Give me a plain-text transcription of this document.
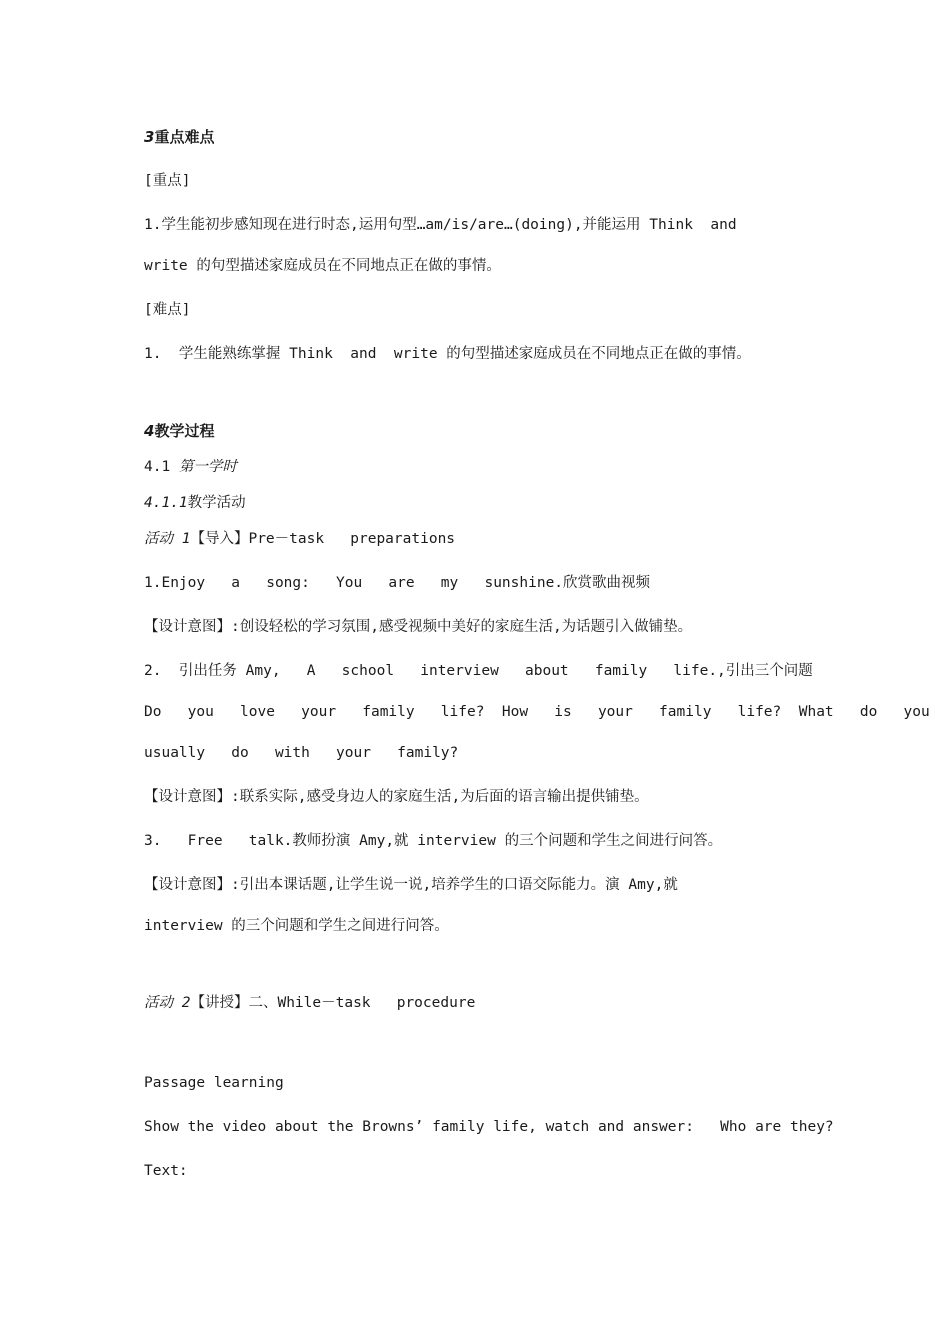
3重点难点
[重点]
1.学生能初步感知现在进行时态,运用句型…am/is/are…(doing),并能运用 Think  and
write 的句型描述家庭成员在不同地点正在做的事情。
[难点]
1.  学生能熟练掌握 Think  and  write 的句型描述家庭成员在不同地点正在做的事情。
4教学过程
4.1 第一学时
4.1.1教学活动
活动 1【导入】Pre－task   preparations
1.Enjoy   a   song:   You   are   my   sunshine.欣赏歌曲视频
【设计意图】:创设轻松的学习氛围,感受视频中美好的家庭生活,为话题引入做铺垫。
2.  引出任务 Amy,   A   school   interview   about   family   life.,引出三个问题
Do   you   love   your   family   life?  How   is   your   family   life?  What   do   you
usually   do   with   your   family?
【设计意图】:联系实际,感受身边人的家庭生活,为后面的语言输出提供铺垫。
3.   Free   talk.教师扮演 Amy,就 interview 的三个问题和学生之间进行问答。
【设计意图】:引出本课话题,让学生说一说,培养学生的口语交际能力。演 Amy,就
interview 的三个问题和学生之间进行问答。
活动 2【讲授】二、While－task   procedure
Passage learning
Show the video about the Browns’ family life, watch and answer:   Who are they?
Text:
